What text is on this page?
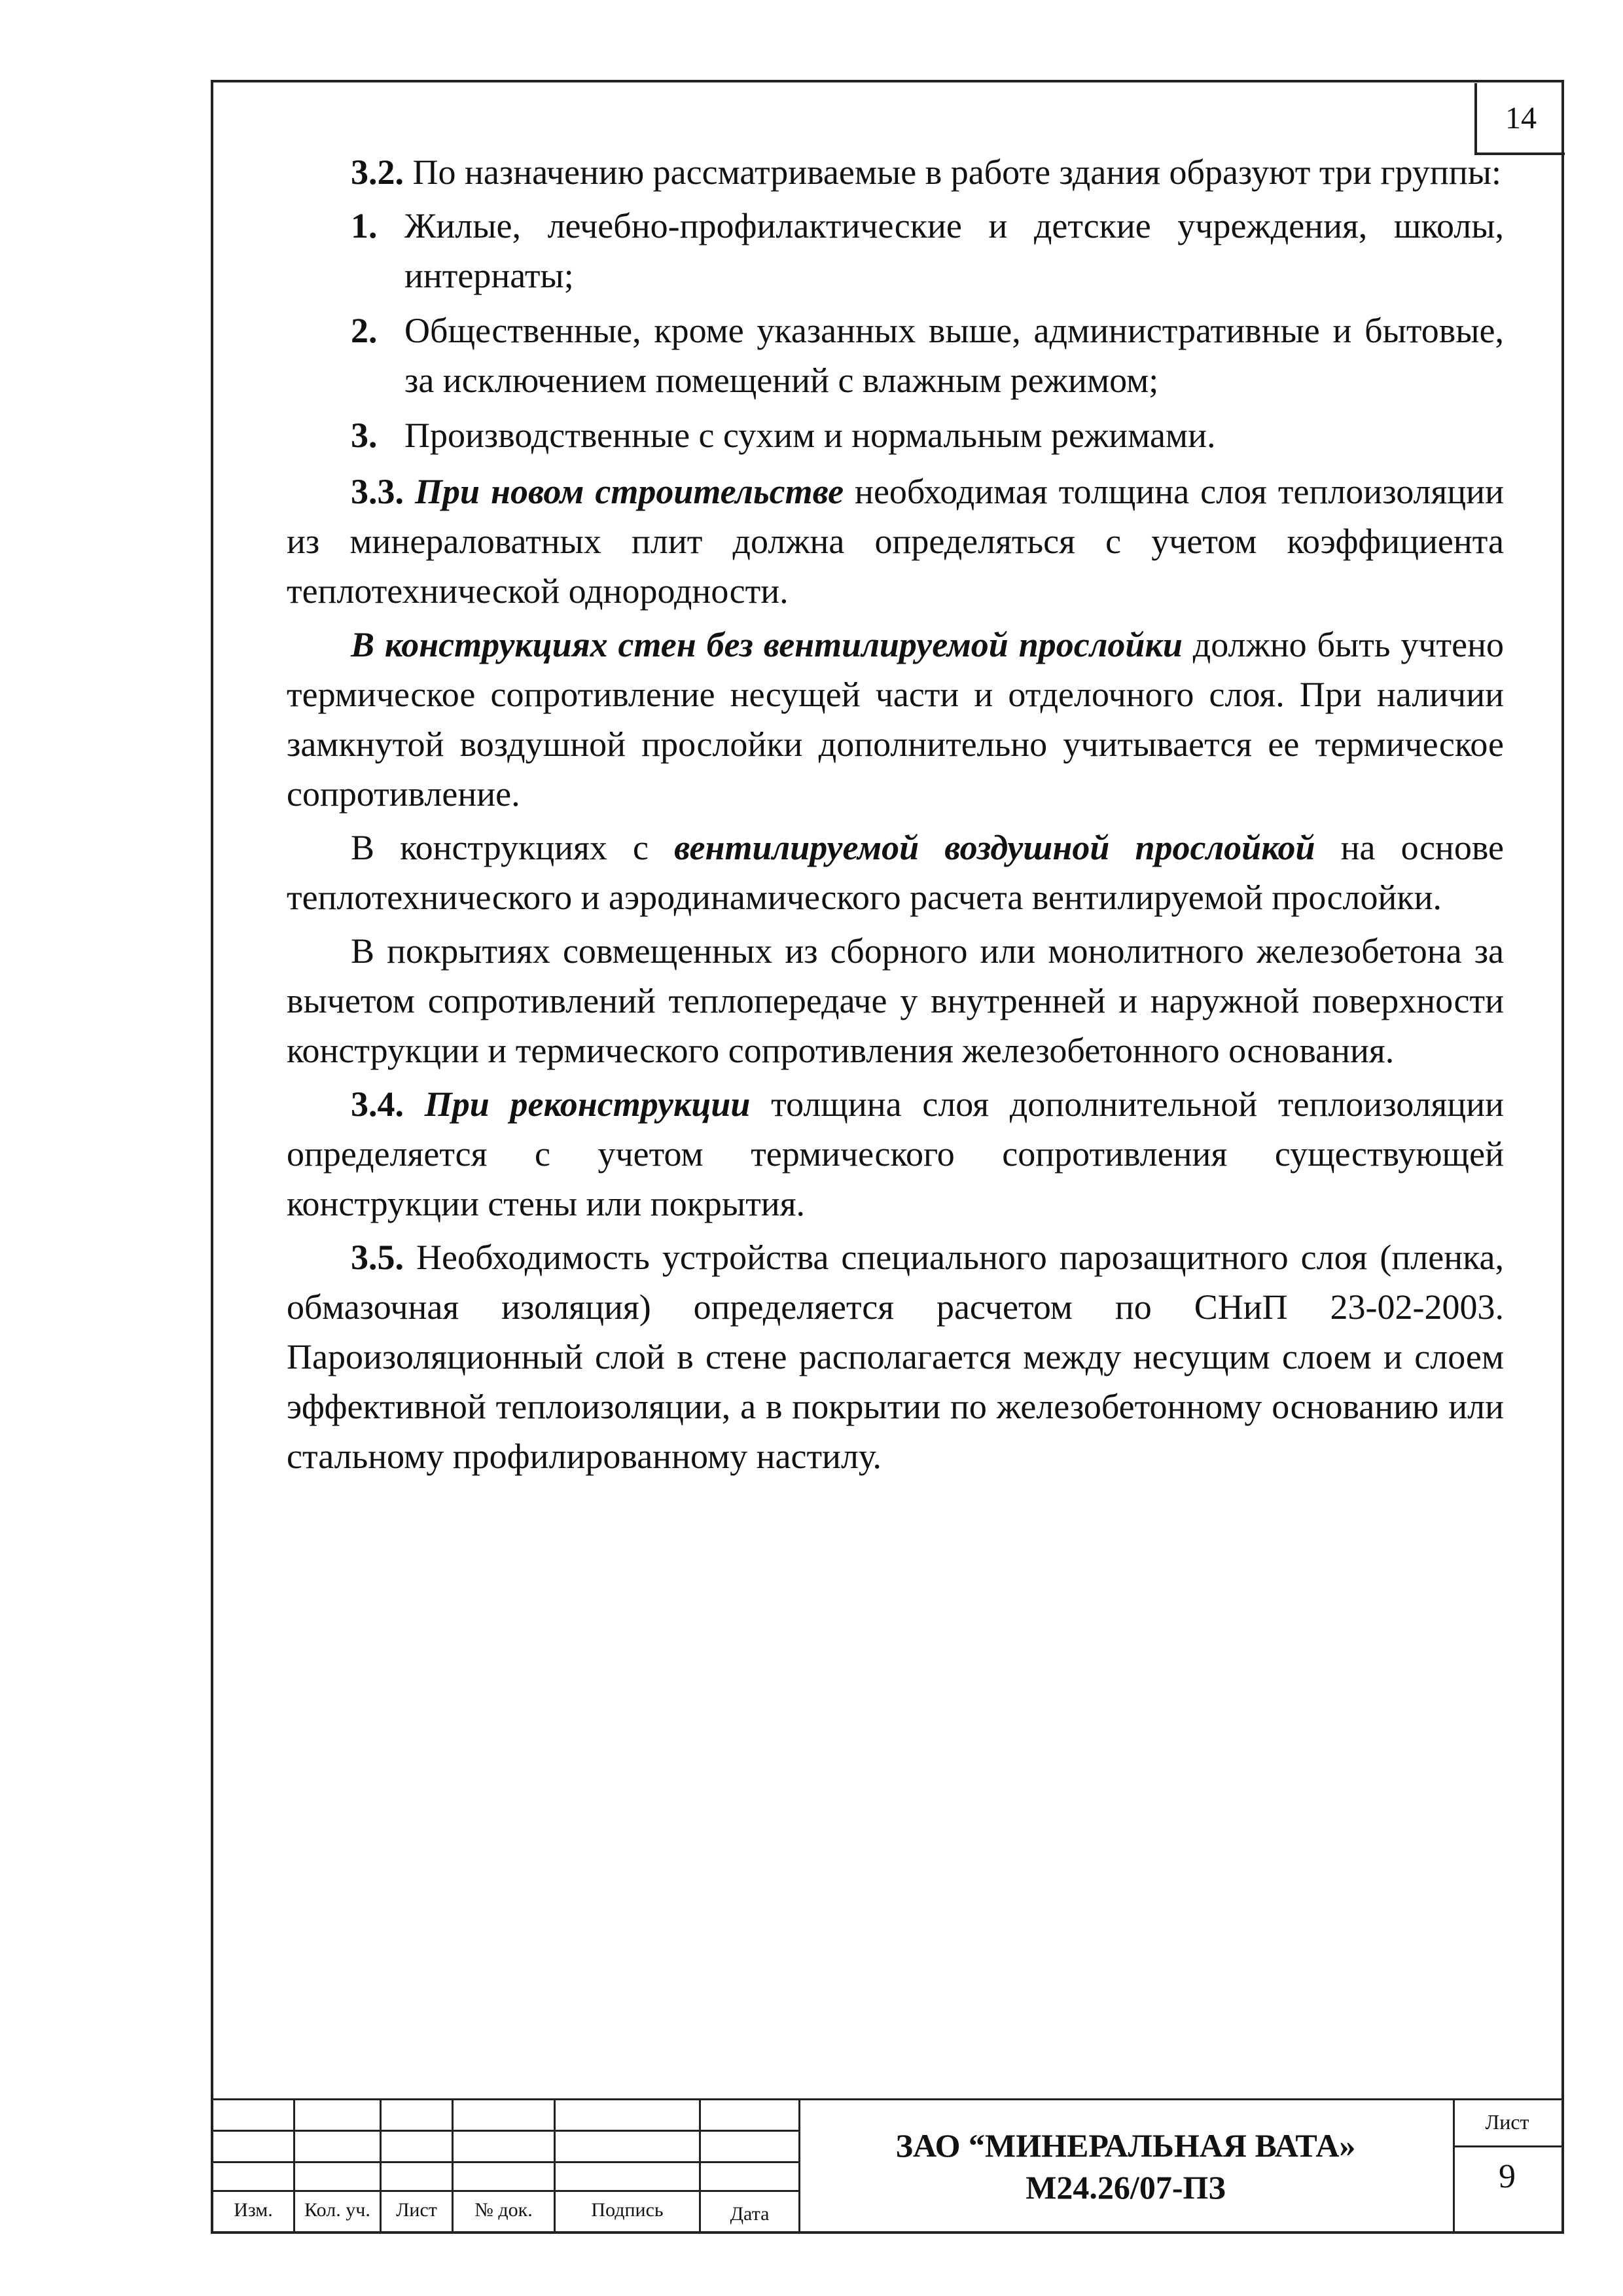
14

3.2. По назначению рассматриваемые в работе здания образуют три группы:

1. Жилые, лечебно-профилактические и детские учреждения, школы, интернаты;
2. Общественные, кроме указанных выше, административные и бытовые, за исключением помещений с влажным режимом;
3. Производственные с сухим и нормальным режимами.

3.3. При новом строительстве необходимая толщина слоя теплоизоляции из минераловатных плит должна определяться с учетом коэффициента теплотехнической однородности.

В конструкциях стен без вентилируемой прослойки должно быть учтено термическое сопротивление несущей части и отделочного слоя. При наличии замкнутой воздушной прослойки дополнительно учитывается ее термическое сопротивление.

В конструкциях с вентилируемой воздушной прослойкой на основе теплотехнического и аэродинамического расчета вентилируемой прослойки.

В покрытиях совмещенных из сборного или монолитного железобетона за вычетом сопротивлений теплопередаче у внутренней и наружной поверхности конструкции и термического сопротивления железобетонного основания.

3.4. При реконструкции толщина слоя дополнительной теплоизоляции определяется с учетом термического сопротивления существующей конструкции стены или покрытия.

3.5. Необходимость устройства специального парозащитного слоя (пленка, обмазочная изоляция) определяется расчетом по СНиП 23-02-2003. Пароизоляционный слой в стене располагается между несущим слоем и слоем эффективной теплоизоляции, а в покрытии по железобетонному основанию или стальному профилированному настилу.

Изм.	Кол. уч.	Лист	№ док.	Подпись	Дата
ЗАО “МИНЕРАЛЬНАЯ ВАТА»
М24.26/07-ПЗ
Лист
9
